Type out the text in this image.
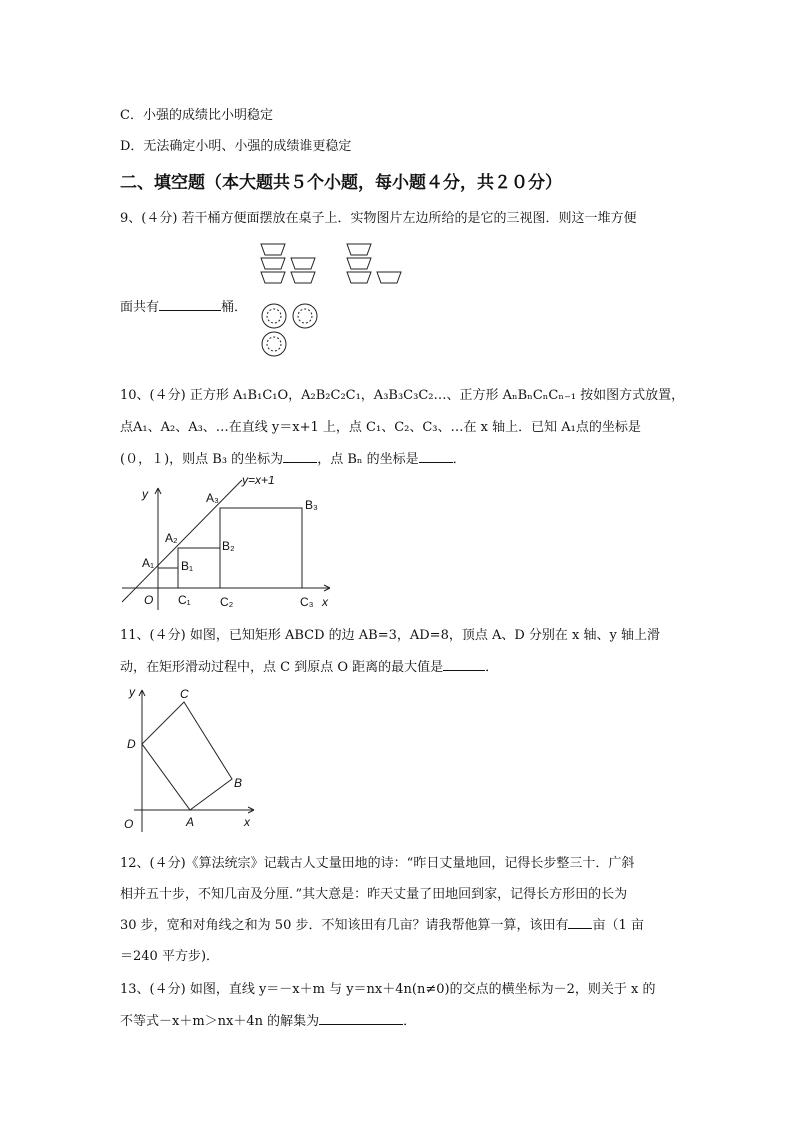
C．小强的成绩比小明稳定
D．无法确定小明、小强的成绩谁更稳定
二、填空题（本大题共５个小题，每小题４分，共２０分）
9、(４分) 若干桶方便面摆放在桌子上．实物图片左边所给的是它的三视图．则这一堆方便
面共有	桶．
10、(４分) 正方形 A₁B₁C₁O，A₂B₂C₂C₁，A₃B₃C₃C₂…、正方形 AₙBₙCₙCₙ₋₁ 按如图方式放置，
点A₁、A₂、A₃、…在直线 y＝x+1 上，点 C₁、C₂、C₃、…在 x 轴上．已知 A₁点的坐标是
(０，１)，则点 B₃ 的坐标为	，点 Bₙ 的坐标是	．
y
x
O
y=x+1
A₁
A₂
A₃
B₁
B₂
B₃
C₁ C₂	C₃
11、(４分) 如图，已知矩形 ABCD 的边 AB=3，AD=8，顶点 A、D 分别在 x 轴、y 轴上滑
动，在矩形滑动过程中，点 C 到原点 O 距离的最大值是	．
y
x
O	A
B
C
D
12、(４分)《算法统宗》记载古人丈量田地的诗：“昨日丈量地回，记得长步整三十．广斜
相并五十步，不知几亩及分厘．”其大意是：昨天丈量了田地回到家，记得长方形田的长为
30 步，宽和对角线之和为 50 步．不知该田有几亩？请我帮他算一算，该田有 亩（1 亩
＝240 平方步)．
13、(４分) 如图，直线 y＝－x＋m 与 y＝nx＋4n(n≠0)的交点的横坐标为－2，则关于 x 的
不等式－x＋m＞nx＋4n 的解集为	．
